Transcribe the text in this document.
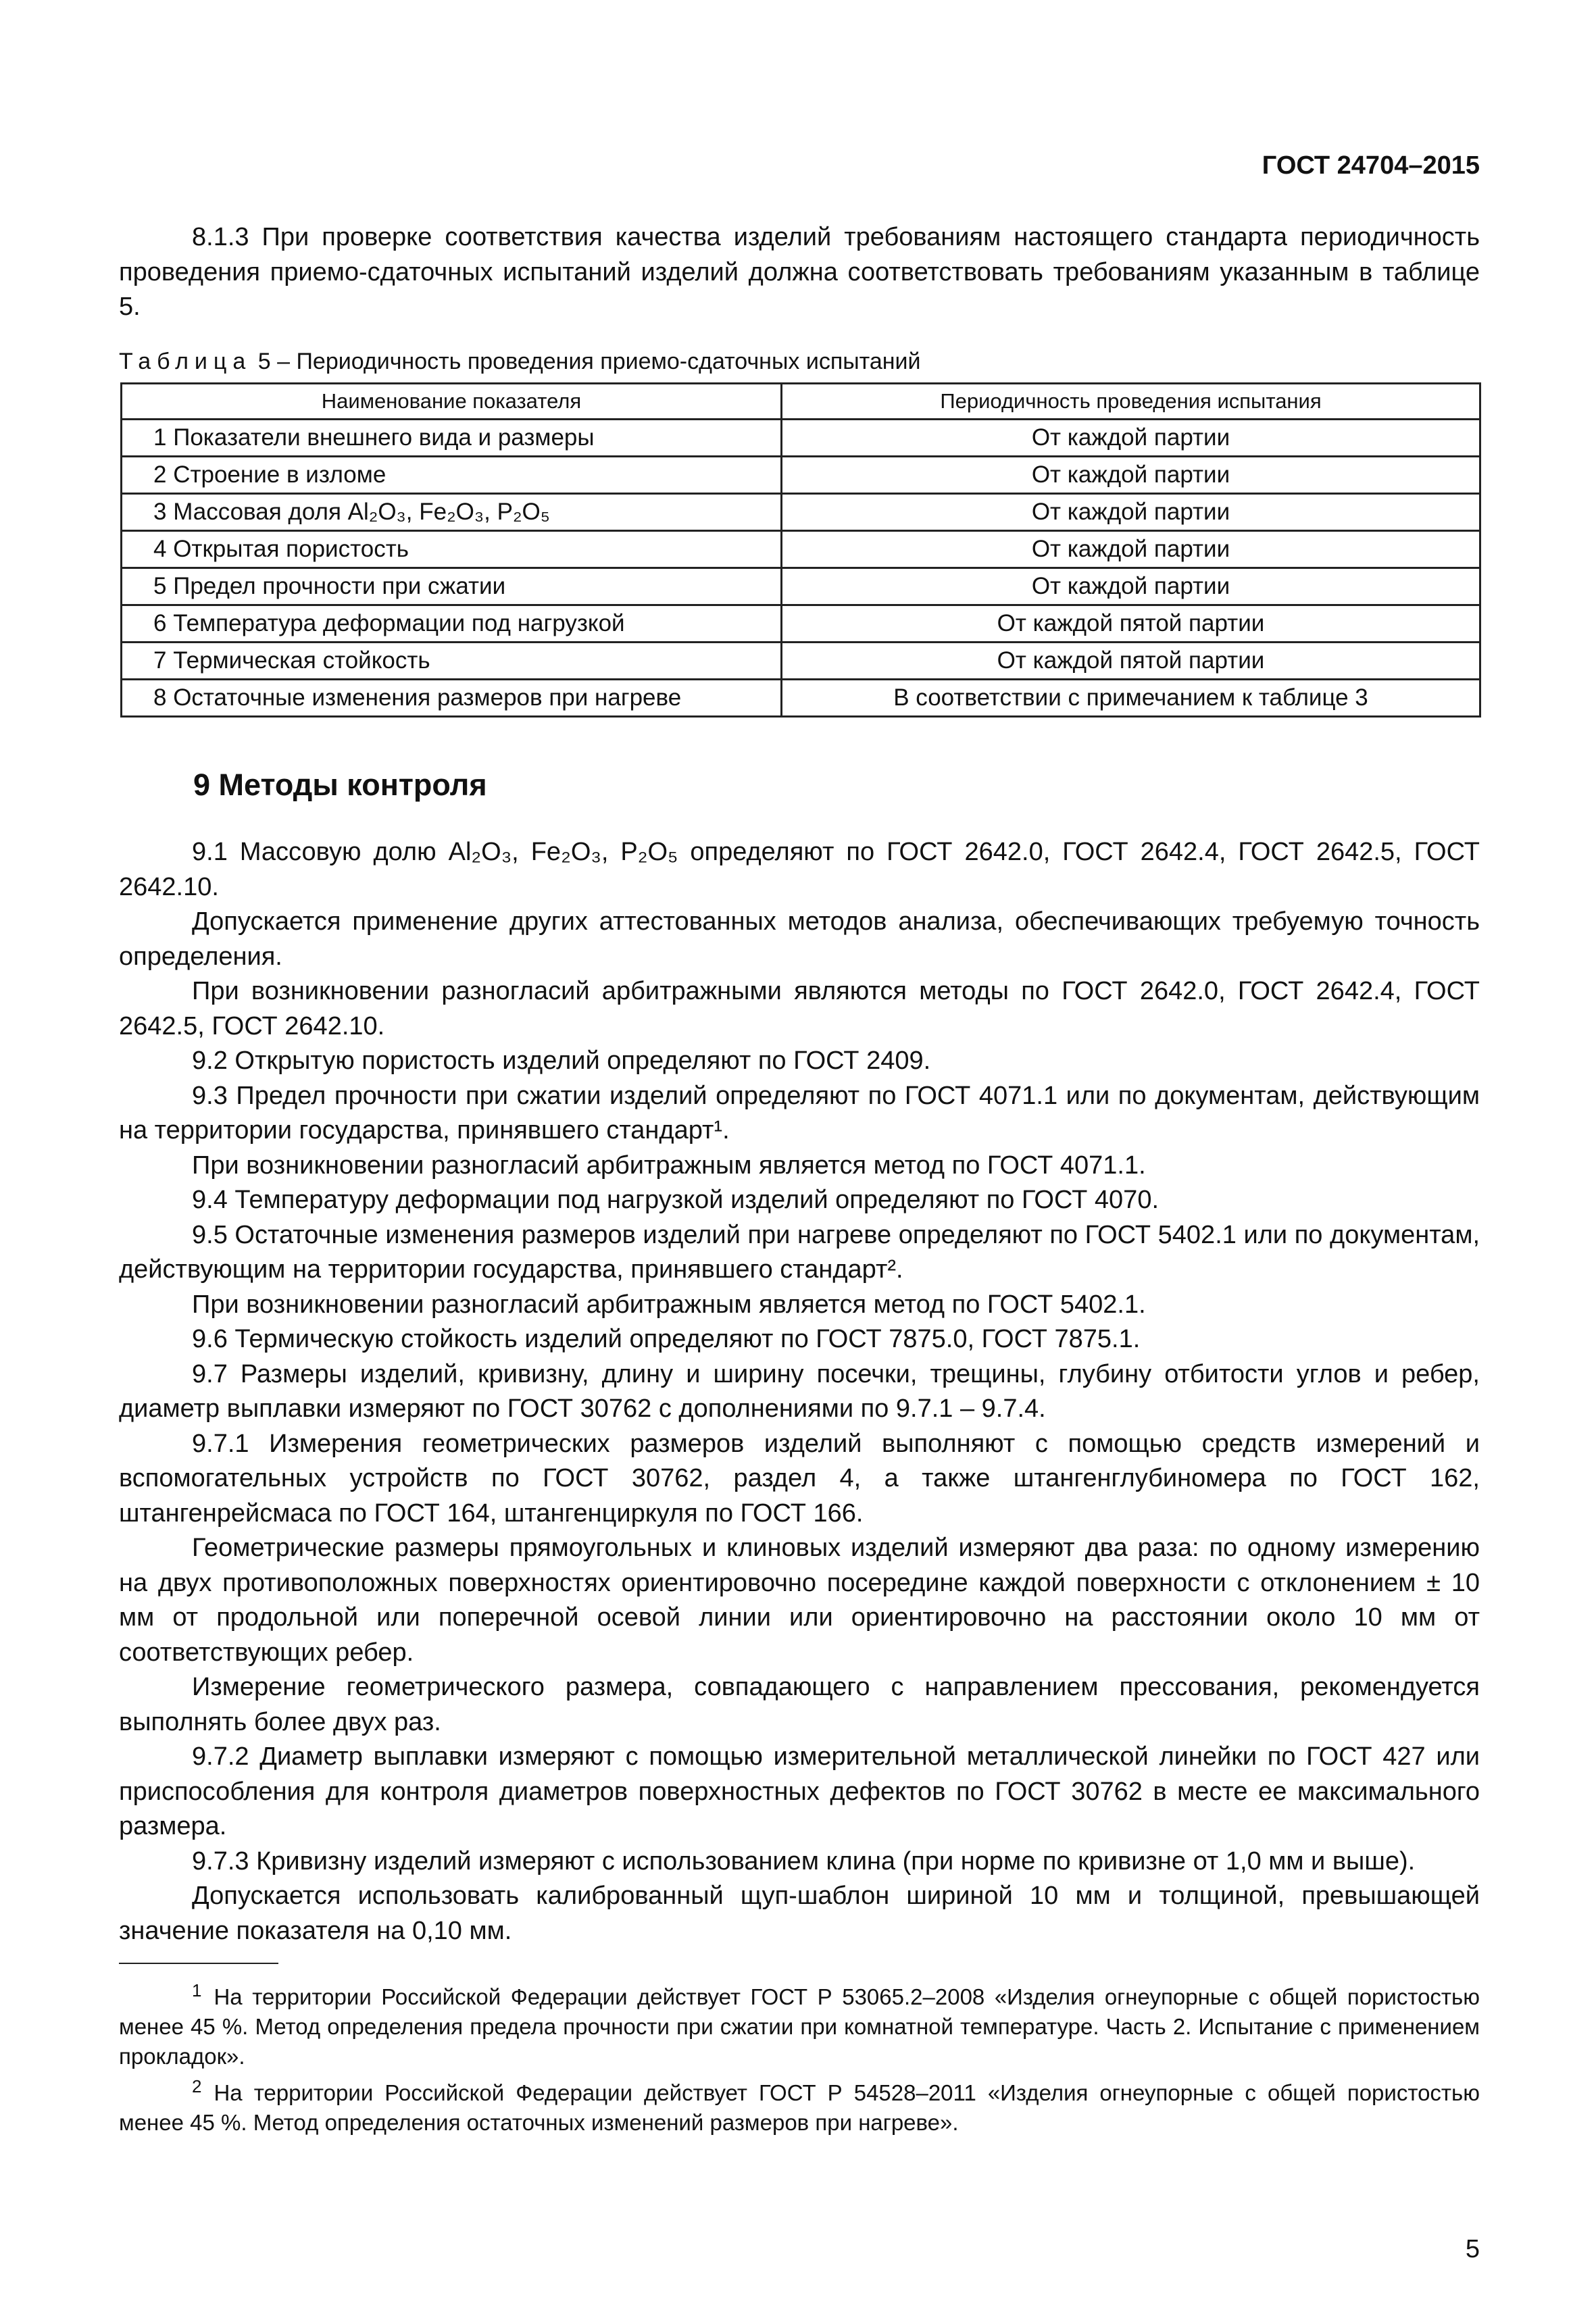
ГОСТ 24704–2015

8.1.3 При проверке соответствия качества изделий требованиям настоящего стандарта периодичность проведения приемо-сдаточных испытаний изделий должна соответствовать требованиям указанным в таблице 5.

Таблица 5 – Периодичность проведения приемо-сдаточных испытаний
Наименование показателя	Периодичность проведения испытания
1 Показатели внешнего вида и размеры	От каждой партии
2 Строение в изломе	От каждой партии
3 Массовая доля Al₂O₃, Fe₂O₃, P₂O₅	От каждой партии
4 Открытая пористость	От каждой партии
5 Предел прочности при сжатии	От каждой партии
6 Температура деформации под нагрузкой	От каждой пятой партии
7 Термическая стойкость	От каждой пятой партии
8 Остаточные изменения размеров при нагреве	В соответствии с примечанием к таблице 3
9 Методы контроля

9.1 Массовую долю Al₂O₃, Fe₂O₃, P₂O₅ определяют по ГОСТ 2642.0, ГОСТ 2642.4, ГОСТ 2642.5, ГОСТ 2642.10.

Допускается применение других аттестованных методов анализа, обеспечивающих требуемую точность определения.

При возникновении разногласий арбитражными являются методы по ГОСТ 2642.0, ГОСТ 2642.4, ГОСТ 2642.5, ГОСТ 2642.10.

9.2 Открытую пористость изделий определяют по ГОСТ 2409.

9.3 Предел прочности при сжатии изделий определяют по ГОСТ 4071.1 или по документам, действующим на территории государства, принявшего стандарт¹.

При возникновении разногласий арбитражным является метод по ГОСТ 4071.1.

9.4 Температуру деформации под нагрузкой изделий определяют по ГОСТ 4070.

9.5 Остаточные изменения размеров изделий при нагреве определяют по ГОСТ 5402.1 или по документам, действующим на территории государства, принявшего стандарт².

При возникновении разногласий арбитражным является метод по ГОСТ 5402.1.

9.6 Термическую стойкость изделий определяют по ГОСТ 7875.0, ГОСТ 7875.1.

9.7 Размеры изделий, кривизну, длину и ширину посечки, трещины, глубину отбитости углов и ребер, диаметр выплавки измеряют по ГОСТ 30762 с дополнениями по 9.7.1 – 9.7.4.

9.7.1 Измерения геометрических размеров изделий выполняют с помощью средств измерений и вспомогательных устройств по ГОСТ 30762, раздел 4, а также штангенглубиномера по ГОСТ 162, штангенрейсмаса по ГОСТ 164, штангенциркуля по ГОСТ 166.

Геометрические размеры прямоугольных и клиновых изделий измеряют два раза: по одному измерению на двух противоположных поверхностях ориентировочно посередине каждой поверхности с отклонением ± 10 мм от продольной или поперечной осевой линии или ориентировочно на расстоянии около 10 мм от соответствующих ребер.

Измерение геометрического размера, совпадающего с направлением прессования, рекомендуется выполнять более двух раз.

9.7.2 Диаметр выплавки измеряют с помощью измерительной металлической линейки по ГОСТ 427 или приспособления для контроля диаметров поверхностных дефектов по ГОСТ 30762 в месте ее максимального размера.

9.7.3 Кривизну изделий измеряют с использованием клина (при норме по кривизне от 1,0 мм и выше).

Допускается использовать калиброванный щуп-шаблон шириной 10 мм и толщиной, превышающей значение показателя на 0,10 мм.

$^1$ На территории Российской Федерации действует ГОСТ Р 53065.2–2008 «Изделия огнеупорные с общей пористостью менее 45 %. Метод определения предела прочности при сжатии при комнатной температуре. Часть 2. Испытание с применением прокладок».

$^2$ На территории Российской Федерации действует ГОСТ Р 54528–2011 «Изделия огнеупорные с общей пористостью менее 45 %. Метод определения остаточных изменений размеров при нагреве».

5
